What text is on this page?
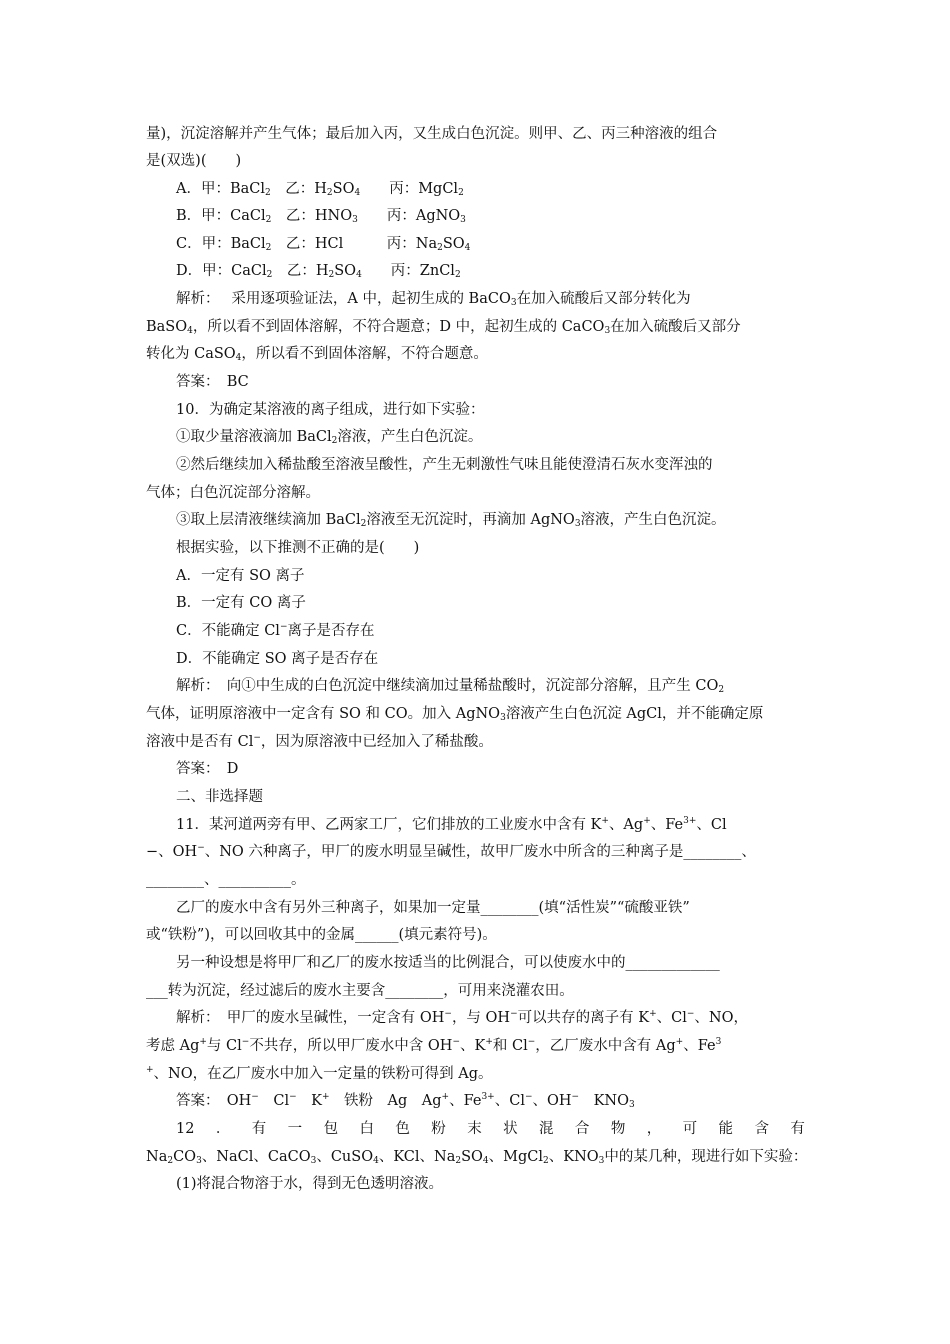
量)，沉淀溶解并产生气体；最后加入丙，又生成白色沉淀。则甲、乙、丙三种溶液的组合
是(双选)(　　)
A．甲：BaCl$_2$　乙：$H_2SO_4$　　丙：MgCl$_2$
B．甲：CaCl$_2$　乙：$HNO_3$　　丙：AgNO$_3$
C．甲：BaCl$_2$　乙：HCl　　　丙：$Na_2SO_4$
D．甲：CaCl$_2$　乙：$H_2SO_4$　　丙：ZnCl$_2$
解析：　 采用逐项验证法，A 中，起初生成的 BaCO$_3$在加入硫酸后又部分转化为
BaSO$_4$，所以看不到固体溶解，不符合题意；D 中，起初生成的 CaCO$_3$在加入硫酸后又部分
转化为 CaSO$_4$，所以看不到固体溶解，不符合题意。
答案：　BC
10．为确定某溶液的离子组成，进行如下实验：
①取少量溶液滴加 BaCl$_2$溶液，产生白色沉淀。
②然后继续加入稀盐酸至溶液呈酸性，产生无刺激性气味且能使澄清石灰水变浑浊的
气体；白色沉淀部分溶解。
③取上层清液继续滴加 BaCl$_2$溶液至无沉淀时，再滴加 AgNO$_3$溶液，产生白色沉淀。
根据实验，以下推测不正确的是(　　)
A．一定有 SO 离子
B．一定有 CO 离子
C．不能确定 Cl−离子是否存在
D．不能确定 SO 离子是否存在
解析：　向①中生成的白色沉淀中继续滴加过量稀盐酸时，沉淀部分溶解，且产生 $CO_2$
气体，证明原溶液中一定含有 SO 和 CO。加入 AgNO$_3$溶液产生白色沉淀 AgCl，并不能确定原
溶液中是否有 Cl−，因为原溶液中已经加入了稀盐酸。
答案：　D
二、非选择题
11．某河道两旁有甲、乙两家工厂，它们排放的工业废水中含有 K+、Ag+、$Fe^{3+}$、Cl
−、OH−、NO 六种离子，甲厂的废水明显呈碱性，故甲厂废水中所含的三种离子是________、
________、__________。
乙厂的废水中含有另外三种离子，如果加一定量________(填“活性炭”“硫酸亚铁”
或“铁粉”)，可以回收其中的金属______(填元素符号)。
另一种设想是将甲厂和乙厂的废水按适当的比例混合，可以使废水中的_____________
___转为沉淀，经过滤后的废水主要含________，可用来浇灌农田。
解析：　甲厂的废水呈碱性，一定含有 OH−，与 OH−可以共存的离子有 K+、Cl−、NO，
考虑 Ag+与 Cl−不共存，所以甲厂废水中含 OH−、K+和 Cl−，乙厂废水中含有 Ag+、Fe$^3$
+、NO，在乙厂废水中加入一定量的铁粉可得到 Ag。
答案：　OH−　Cl−　K+　铁粉　Ag　Ag+、$Fe^{3+}$、Cl−、OH−　$KNO_3$
12 ． 有 一 包 白 色 粉 末 状 混 合 物 ， 可 能 含 有
$Na_2CO_3$、NaCl、CaCO$_3$、CuSO$_4$、KCl、$Na_2SO_4$、MgCl$_2$、$KNO_3$中的某几种，现进行如下实验：
(1)将混合物溶于水，得到无色透明溶液。
